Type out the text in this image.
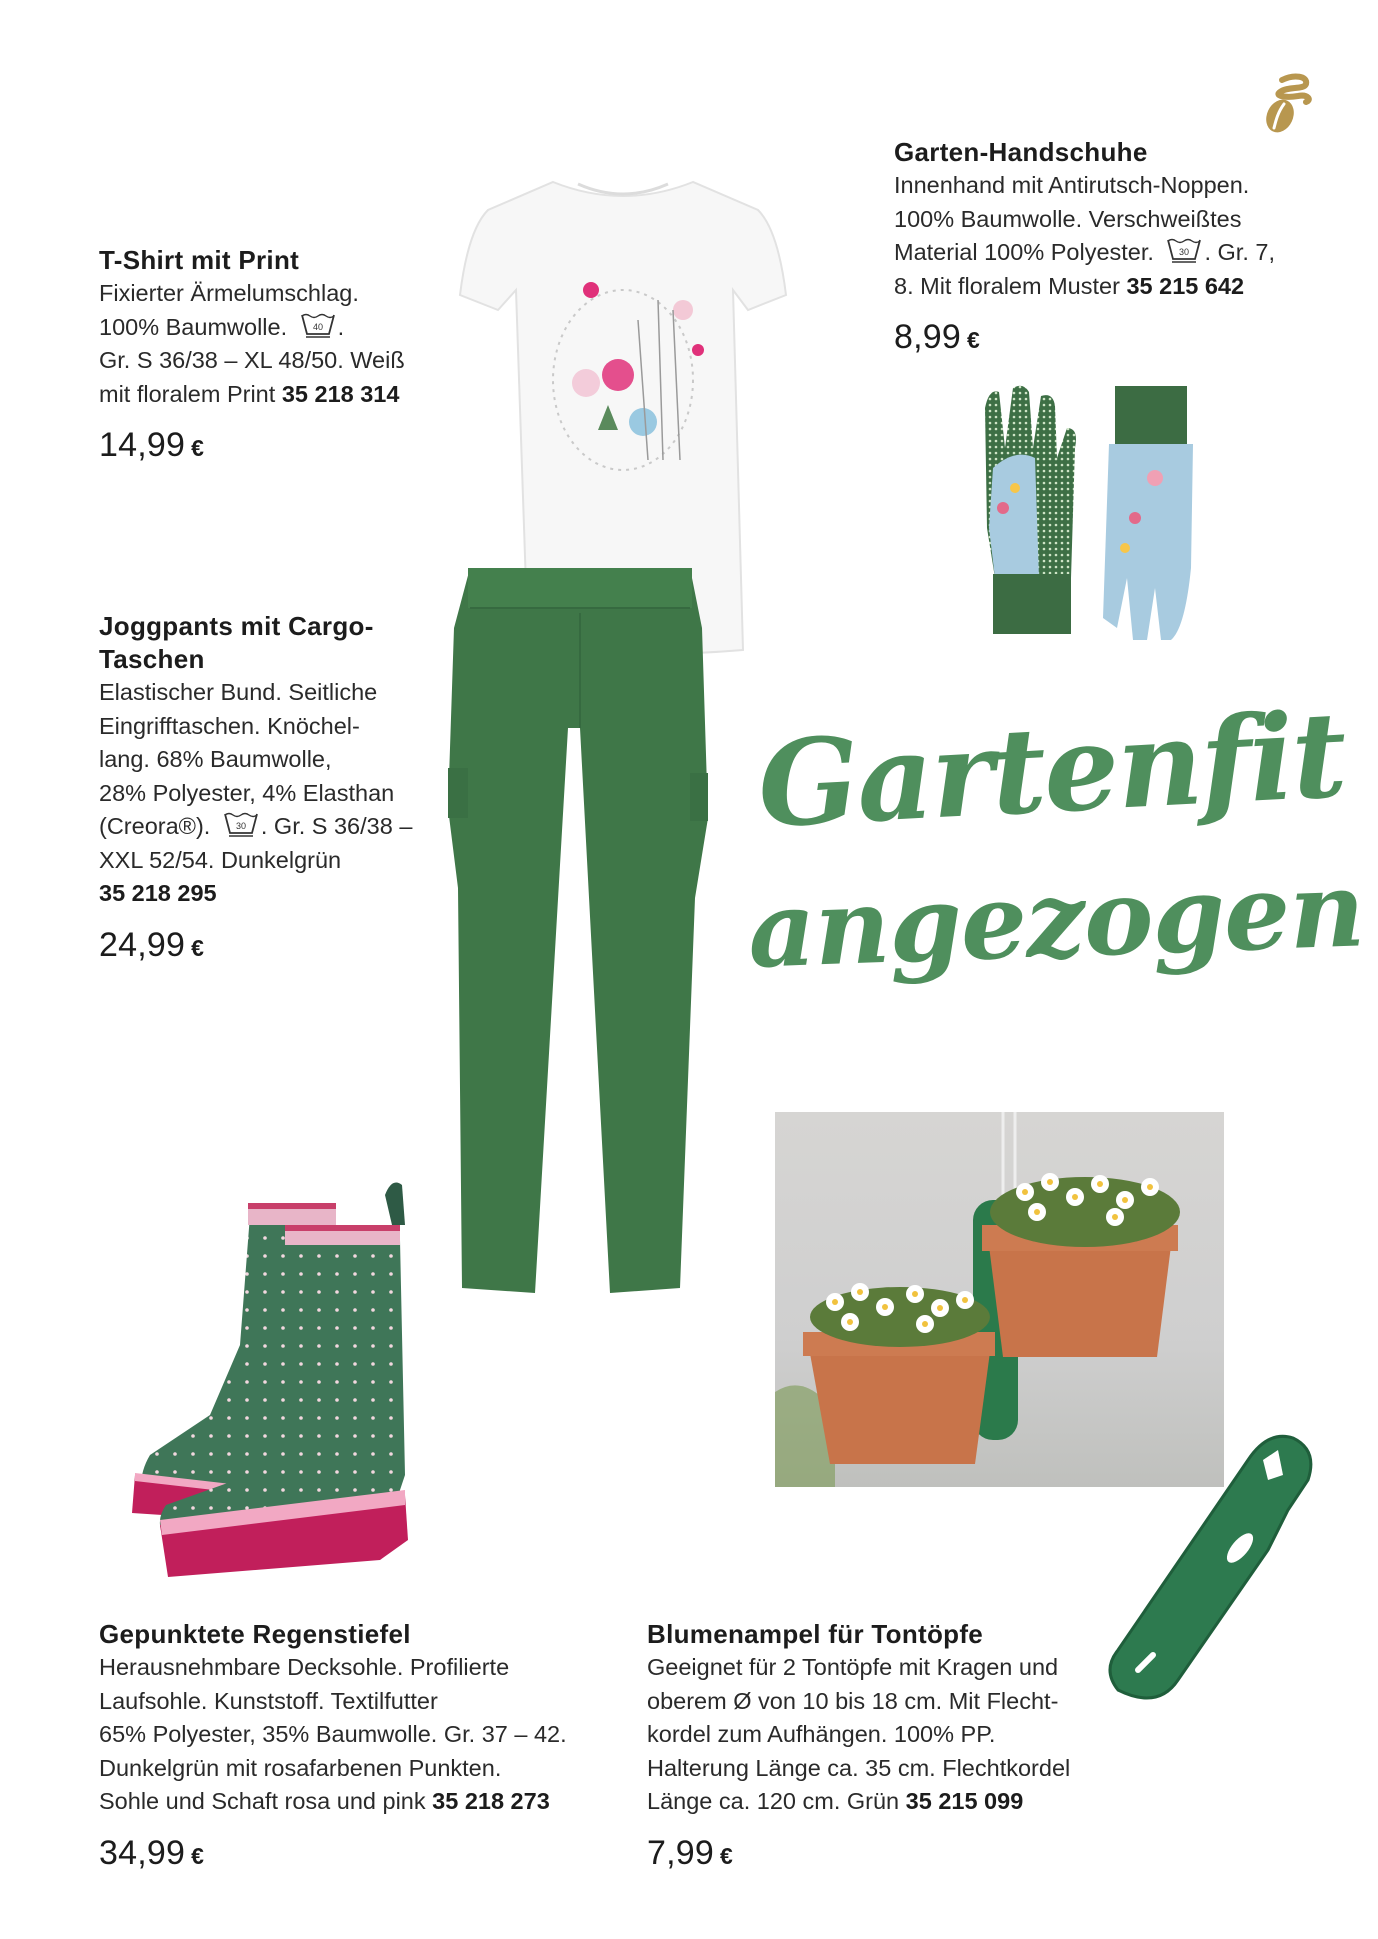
T-Shirt mit Print
Fixierter Ärmelumschlag.
100% Baumwolle.	40 .
Gr. S 36/38 – XL 48/50. Weiß
mit floralem Print 35 218 314
14,99 €
Garten-Handschuhe
Innenhand mit Antirutsch-Noppen.
100% Baumwolle. Verschweißtes
Material 100% Polyester.	30 . Gr. 7,
8. Mit floralem Muster 35 215 642
8,99 €
Joggpants mit Cargo-
Taschen
Elastischer Bund. Seitliche
Eingrifftaschen. Knöchel-
lang. 68% Baumwolle,
28% Polyester, 4% Elasthan
(Creora®).	30 . Gr. S 36/38 –
XXL 52/54. Dunkelgrün
35 218 295
24,99 €
Gepunktete Regenstiefel
Herausnehmbare Decksohle. Profilierte
Laufsohle. Kunststoff. Textilfutter
65% Polyester, 35% Baumwolle. Gr. 37 – 42.
Dunkelgrün mit rosafarbenen Punkten.
Sohle und Schaft rosa und pink 35 218 273
34,99 €
Blumenampel für Tontöpfe
Geeignet für 2 Tontöpfe mit Kragen und
oberem Ø von 10 bis 18 cm. Mit Flecht-
kordel zum Aufhängen. 100% PP.
Halterung Länge ca. 35 cm. Flechtkordel
Länge ca. 120 cm. Grün 35 215 099
7,99 €
Gartenfit
angezogen
